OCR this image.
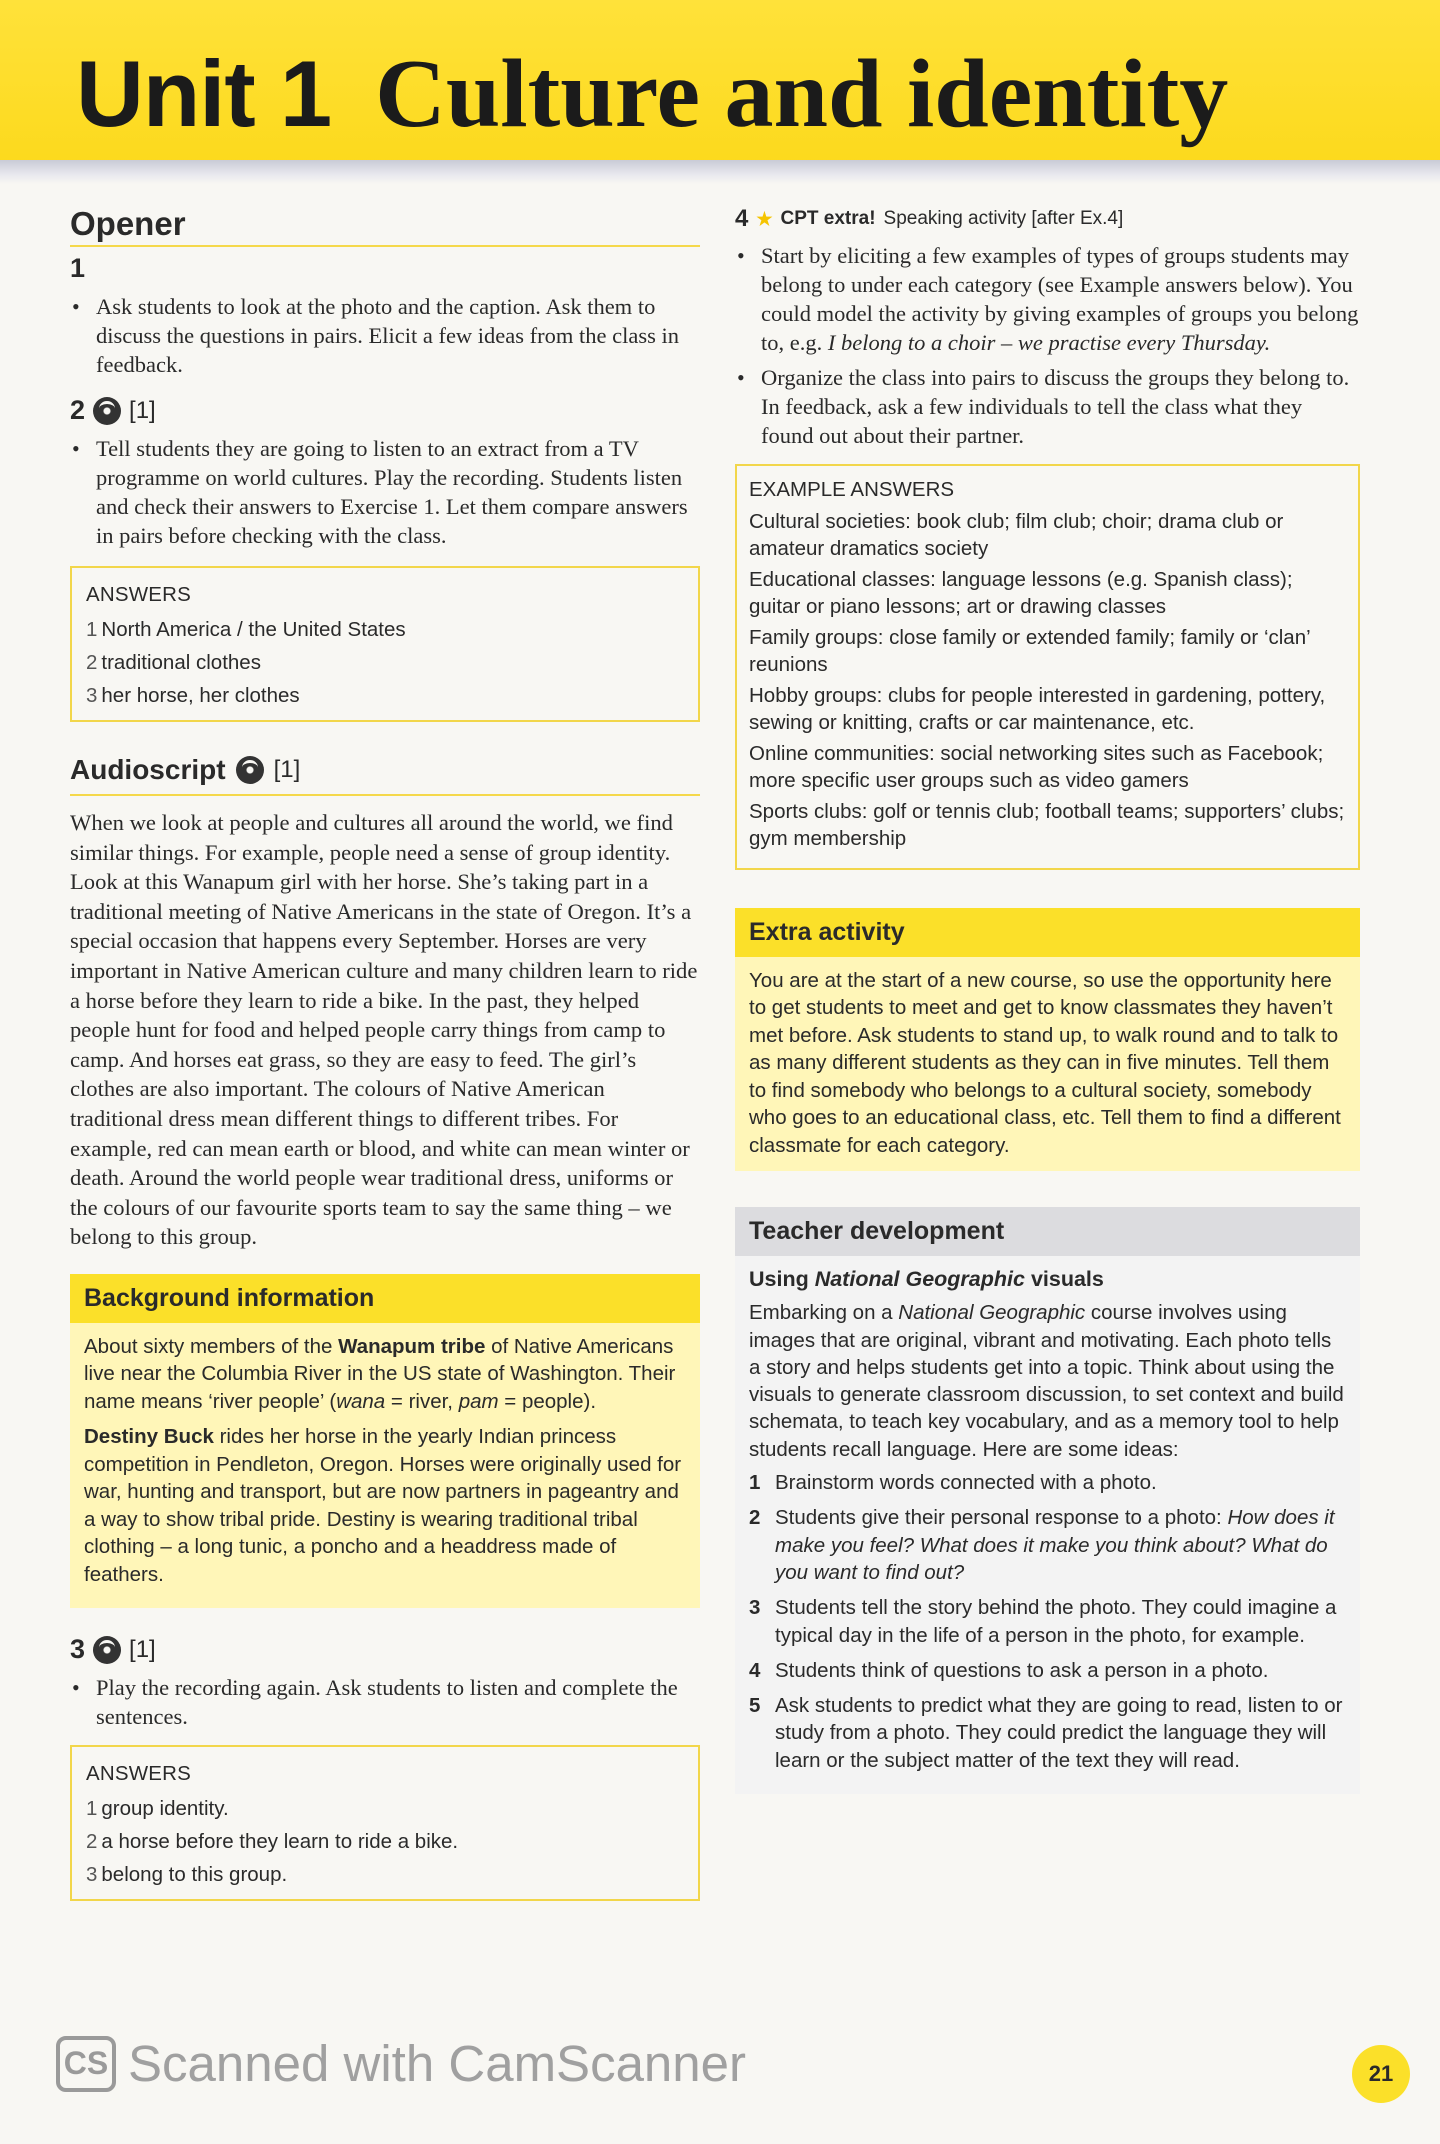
Unit 1 Culture and identity
Opener
1
• Ask students to look at the photo and the caption. Ask them to discuss the questions in pairs. Elicit a few ideas from the class in feedback.
2 [1]
• Tell students they are going to listen to an extract from a TV programme on world cultures. Play the recording. Students listen and check their answers to Exercise 1. Let them compare answers in pairs before checking with the class.
ANSWERS
1 North America / the United States
2 traditional clothes
3 her horse, her clothes
Audioscript [1]

When we look at people and cultures all around the world, we find similar things. For example, people need a sense of group identity. Look at this Wanapum girl with her horse. She’s taking part in a traditional meeting of Native Americans in the state of Oregon. It’s a special occasion that happens every September. Horses are very important in Native American culture and many children learn to ride a horse before they learn to ride a bike. In the past, they helped people hunt for food and helped people carry things from camp to camp. And horses eat grass, so they are easy to feed. The girl’s clothes are also important. The colours of Native American traditional dress mean different things to different tribes. For example, red can mean earth or blood, and white can mean winter or death. Around the world people wear traditional dress, uniforms or the colours of our favourite sports team to say the same thing – we belong to this group.

Background information

About sixty members of the Wanapum tribe of Native Americans live near the Columbia River in the US state of Washington. Their name means ‘river people’ (wana = river, pam = people).

Destiny Buck rides her horse in the yearly Indian princess competition in Pendleton, Oregon. Horses were originally used for war, hunting and transport, but are now partners in pageantry and a way to show tribal pride. Destiny is wearing traditional tribal clothing – a long tunic, a poncho and a headdress made of feathers.

3 [1]
• Play the recording again. Ask students to listen and complete the sentences.
ANSWERS
1 group identity.
2 a horse before they learn to ride a bike.
3 belong to this group.
4 ★ CPT extra! Speaking activity [after Ex.4]
• Start by eliciting a few examples of types of groups students may belong to under each category (see Example answers below). You could model the activity by giving examples of groups you belong to, e.g. I belong to a choir – we practise every Thursday.
• Organize the class into pairs to discuss the groups they belong to. In feedback, ask a few individuals to tell the class what they found out about their partner.
EXAMPLE ANSWERS

Cultural societies: book club; film club; choir; drama club or amateur dramatics society

Educational classes: language lessons (e.g. Spanish class); guitar or piano lessons; art or drawing classes

Family groups: close family or extended family; family or ‘clan’ reunions

Hobby groups: clubs for people interested in gardening, pottery, sewing or knitting, crafts or car maintenance, etc.

Online communities: social networking sites such as Facebook; more specific user groups such as video gamers

Sports clubs: golf or tennis club; football teams; supporters’ clubs; gym membership

Extra activity
You are at the start of a new course, so use the opportunity here to get students to meet and get to know classmates they haven’t met before. Ask students to stand up, to walk round and to talk to as many different students as they can in five minutes. Tell them to find somebody who belongs to a cultural society, somebody who goes to an educational class, etc. Tell them to find a different classmate for each category.
Teacher development
Using National Geographic visuals

Embarking on a National Geographic course involves using images that are original, vibrant and motivating. Each photo tells a story and helps students get into a topic. Think about using the visuals to generate classroom discussion, to set context and build schemata, to teach key vocabulary, and as a memory tool to help students recall language. Here are some ideas:

1 Brainstorm words connected with a photo.
2 Students give their personal response to a photo: How does it make you feel? What does it make you think about? What do you want to find out?
3 Students tell the story behind the photo. They could imagine a typical day in the life of a person in the photo, for example.
4 Students think of questions to ask a person in a photo.
5 Ask students to predict what they are going to read, listen to or study from a photo. They could predict the language they will learn or the subject matter of the text they will read.
CS Scanned with CamScanner	21
